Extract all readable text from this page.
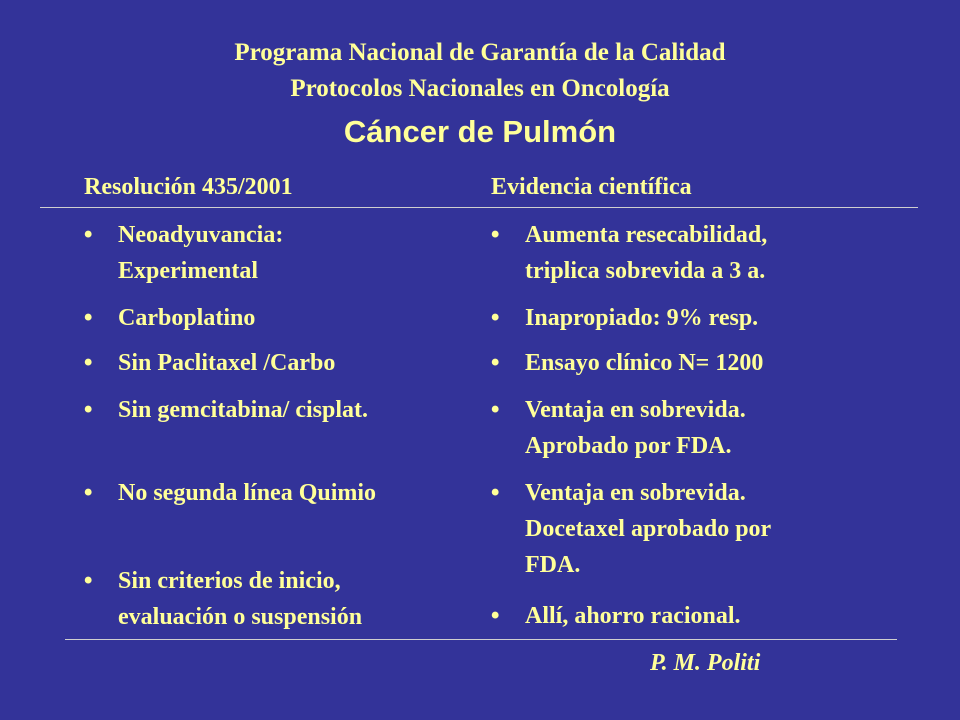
Programa Nacional de Garantía de la Calidad
Protocolos Nacionales en Oncología
Cáncer de Pulmón
Resolución 435/2001	Evidencia científica
• Neoadyuvancia:
Experimental
• Carboplatino
• Sin Paclitaxel /Carbo
• Sin gemcitabina/ cisplat.
• No segunda línea Quimio
• Sin criterios de inicio,
evaluación o suspensión
• Aumenta resecabilidad,
triplica sobrevida a 3 a.
• Inapropiado: 9% resp.
• Ensayo clínico N= 1200
• Ventaja en sobrevida.
Aprobado por FDA.
• Ventaja en sobrevida.
Docetaxel aprobado por
FDA.
• Allí, ahorro racional.
P. M. Politi
